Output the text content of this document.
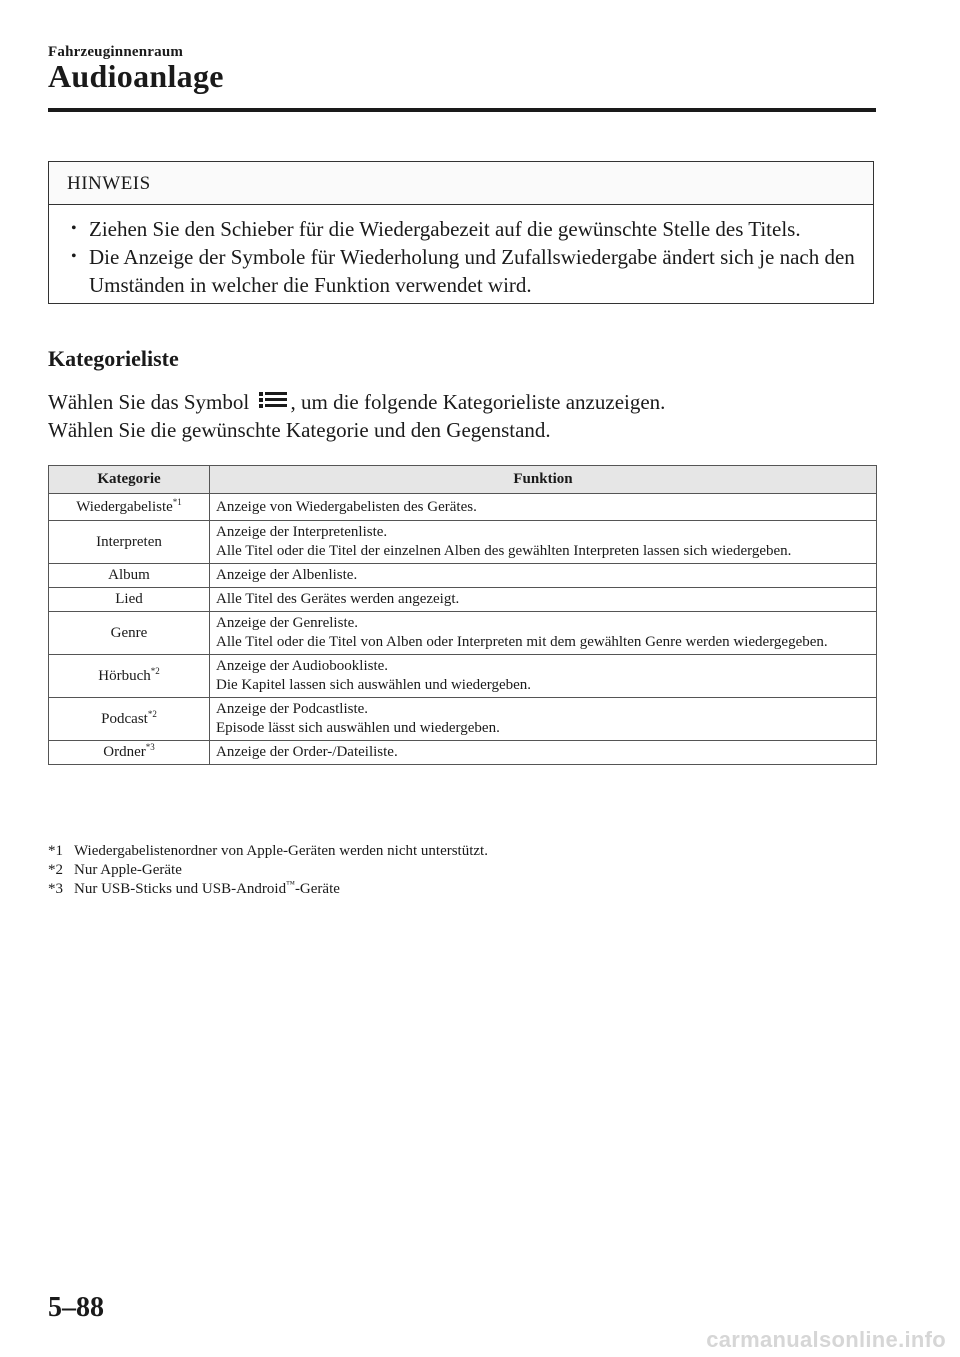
Fahrzeuginnenraum
Audioanlage
HINWEIS
• Ziehen Sie den Schieber für die Wiedergabezeit auf die gewünschte Stelle des Titels.
• Die Anzeige der Symbole für Wiederholung und Zufallswiedergabe ändert sich je nach den Umständen in welcher die Funktion verwendet wird.
Kategorieliste
Wählen Sie das Symbol
, um die folgende Kategorieliste anzuzeigen.
Wählen Sie die gewünschte Kategorie und den Gegenstand.
Kategorie	Funktion
Wiedergabeliste$^{*1}$	Anzeige von Wiedergabelisten des Gerätes.

Interpreten	Anzeige der Interpretenliste.
Alle Titel oder die Titel der einzelnen Alben des gewählten Interpreten lassen sich wiedergeben.

Album	Anzeige der Albenliste.

Lied	Alle Titel des Gerätes werden angezeigt.

Genre	Anzeige der Genreliste.
Alle Titel oder die Titel von Alben oder Interpreten mit dem gewählten Genre werden wiedergegeben.

Hörbuch$^{*2}$	Anzeige der Audiobookliste.
Die Kapitel lassen sich auswählen und wiedergeben.

Podcast$^{*2}$	Anzeige der Podcastliste.
Episode lässt sich auswählen und wiedergeben.

Ordner$^{*3}$	Anzeige der Order-/Dateiliste.
*1 Wiedergabelistenordner von Apple-Geräten werden nicht unterstützt.
*2 Nur Apple-Geräte
*3 Nur USB-Sticks und USB-Android™-Geräte
5–88
carmanualsonline.info
